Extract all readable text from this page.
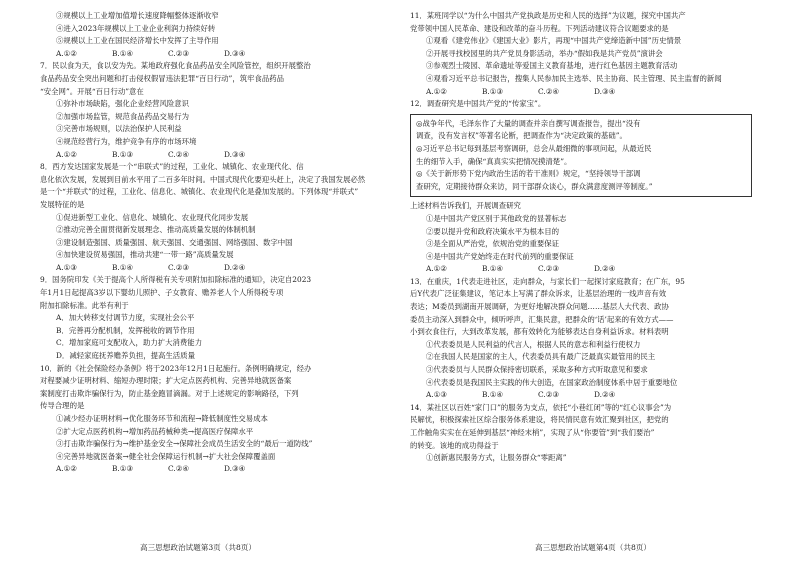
③规模以上工业增加值增长速度降幅整体逐渐收窄
④进入2023年规模以上工业企业利润力持续好转
⑤规模以上工业在国民经济增长中发挥了主导作用
A.①②	B.①④	C.②③	D.③④
7．民以食为天，食以安为先。某地政府强化食品药品安全风险管控，组织开展整治
食品药品安全突出问题和打击侵权假冒违法犯罪“百日行动”，筑牢食品药品
“安全网”。开展“百日行动”意在
①弥补市场缺陷，强化企业经营风险意识
②加强市场监管，规范食品药品交易行为
③完善市场规则，以法治保护人民利益
④规范经营行为，维护竞争有序的市场环境
A.①②	B.①③	C.②④	D.③④
8．西方发达国家发展是一个“串联式”的过程，工业化、城镇化、农业现代化、信
息化依次发展，发展到目前水平用了二百多年时间。中国式现代化要迎头赶上，决定了我国发展必然
是一个“并联式”的过程，工业化、信息化、城镇化、农业现代化是叠加发展的。下列体现“并联式”
发展特征的是
①促进新型工业化、信息化、城镇化、农业现代化同步发展
②推动完善全面贯彻新发展理念、推动高质量发展的体制机制
③建设制造强国、质量强国、航天强国、交通强国、网络强国、数字中国
④加快建设贸易强国，推动共建“一带一路”高质量发展
A.①③	B.①④	C.②③	D.②④
9．国务院印发《关于提高个人所得税有关专项附加扣除标准的通知》，决定自2023
年1月1日起提高3岁以下婴幼儿照护、子女教育、赡养老人个人所得税专项
附加扣除标准。此举有利于
A．加大转移支付调节力度，实现社会公平
B．完善再分配机制，发挥税收的调节作用
C．增加家庭可支配收入，助力扩大消费能力
D．减轻家庭抚养赡养负担，提高生活质量
10．新的《社会保险经办条例》将于2023年12月1日起施行。条例明确规定，经办
对程要减少证明材料、缩短办理时限；扩大定点医药机构、完善异地就医备案
案制度打击欺诈骗保行为，防止基金跑冒滴漏。对于上述规定的影响路径，下列
传导合理的是
①减少经办证明材料→优化服务环节和流程→降低制度性交易成本
②扩大定点医药机构→增加药品药械种类→提高医疗保障水平
③打击欺诈骗保行为→维护基金安全→保障社会成员生活安全的“最后一道防线”
④完善异地就医备案→健全社会保障运行机制→扩大社会保障覆盖面
A.①②	B.①③	C.②④	D.③④
11．某班同学以“为什么中国共产党执政是历史和人民的选择”为议题，探究中国共产
党带领中国人民革命、建设和改革的奋斗历程。下列活动建议符合议题要求的是
①观看《建党伟业》《建国大业》影片，再现“中国共产党缔造新中国”历史情景
②开展寻找校园里的共产党员身影活动，举办“假如我是共产党员”演讲会
③参观烈士陵园、革命遗址等爱国主义教育基地，进行红色基因主题教育活动
④观看习近平总书记报告，搜集人民参加民主选举、民主协商、民主管理、民主监督的新闻
A.①②	B.①③	C.②④	D.③④
12．调查研究是中国共产党的“传家宝”。
◎战争年代，毛泽东作了大量的调查并亲自撰写调查报告，提出“没有
调查，没有发言权”等著名论断，把调查作为“决定政策的基础”。
◎习近平总书记每到基层考察调研，总会从最细微的事项问起，从最近民
生的细节入手，确保“真真实实把情况摸清楚”。
◎《关于新形势下党内政治生活的若干准则》规定，“坚持领导干部调
查研究，定期接待群众来访，同干部群众谈心，群众满意度测评等制度。”
上述材料告诉我们，开展调查研究
①是中国共产党区别于其他政党的显著标志
②要以提升党和政府决策水平为根本目的
③是全面从严治党，依规治党的重要保证
④是中国共产党始终走在时代前列的重要保证
A.①②	B.①④	C.②③	D.②④
13．在重庆，1代表走进社区，走向群众，与家长们一起探讨家庭教育；在广东，95
后Y代表广泛征集建议，笔记本上写满了群众诉求，让基层治理的一线声音有效
表达；M委员到湖南开展调研，为更好地解决群众问题……基层人大代表、政协
委员主动深入到群众中，倾听呼声，汇集民意，把群众的‘话’起来的有效方式——
小到衣食住行，大到改革发展，都有效转化为能够表达自身利益诉求。材料表明
①代表委员是人民利益的代言人，根据人民的意志和利益行使权力
②在我国人民是国家的主人，代表委员具有最广泛最真实最管用的民主
③代表委员与人民群众保持密切联系，采取多种方式听取意见和要求
④代表委员是我国民主实践的伟大创造，在国家政治制度体系中居于重要地位
A.①③	B.①④	C.②③	D.②④
14．某社区以百姓“家门口”的服务为支点，依托“小巷红闭”等的“红心议事会”为
民解忧，积极探索社区综合服务体系建设，将民情民意有效汇聚到社区，把党的
工作触角实实在在延伸到基层“神经末梢”，实现了从“你要管”到“我们要治”
的转变。该地的成功得益于
①创新惠民服务方式，让服务群众“零距离”
高三思想政治试题第3页（共8页）	高三思想政治试题第4页（共8页）
